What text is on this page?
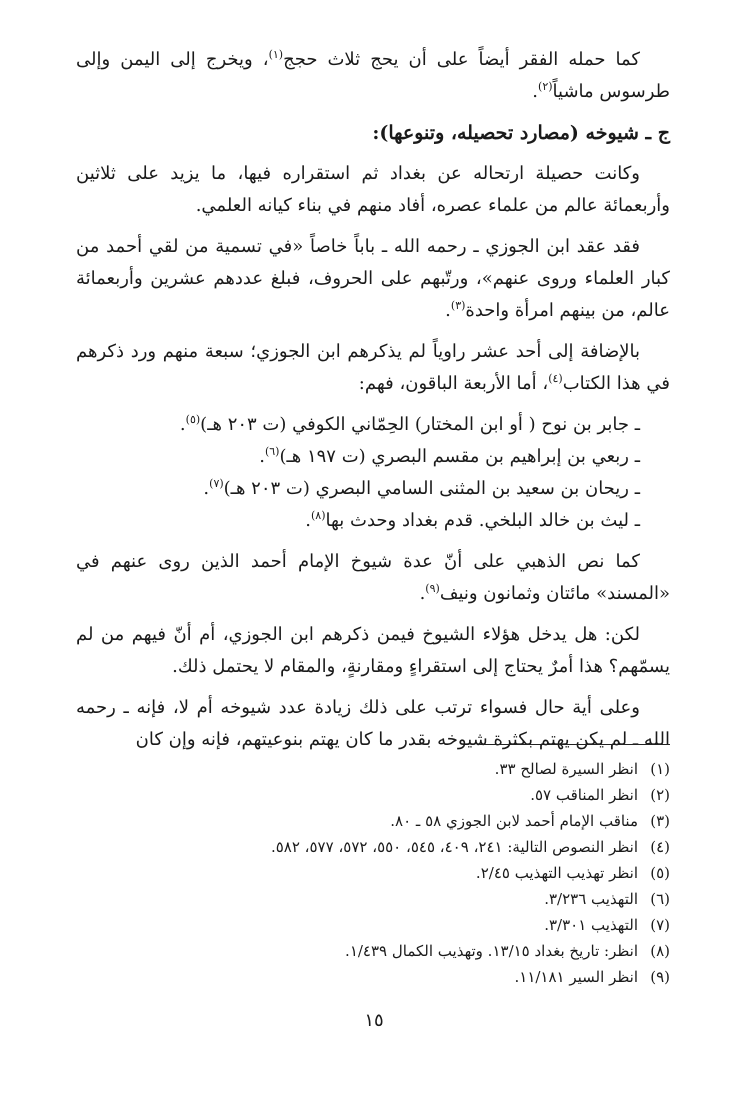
كما حمله الفقر أيضاً على أن يحج ثلاث حجج$^{(١)}$، ويخرج إلى اليمن وإلى طرسوس ماشياً$^{(٢)}$.

ج ـ شيوخه (مصارد تحصيله، وتنوعها):

وكانت حصيلة ارتحاله عن بغداد ثم استقراره فيها، ما يزيد على ثلاثين وأربعمائة عالم من علماء عصره، أفاد منهم في بناء كيانه العلمي.

فقد عقد ابن الجوزي ـ رحمه الله ـ باباً خاصاً «في تسمية من لقي أحمد من كبار العلماء وروى عنهم»، ورتّبهم على الحروف، فبلغ عددهم عشرين وأربعمائة عالم، من بينهم امرأة واحدة$^{(٣)}$.

بالإضافة إلى أحد عشر راوياً لم يذكرهم ابن الجوزي؛ سبعة منهم ورد ذكرهم في هذا الكتاب$^{(٤)}$، أما الأربعة الباقون، فهم:

ـ جابر بن نوح ( أو ابن المختار) الحِمّاني الكوفي (ت ٢٠٣ هـ)$^{(٥)}$.
ـ ربعي بن إبراهيم بن مقسم البصري (ت ١٩٧ هـ)$^{(٦)}$.
ـ ريحان بن سعيد بن المثنى السامي البصري (ت ٢٠٣ هـ)$^{(٧)}$.
ـ ليث بن خالد البلخي. قدم بغداد وحدث بها$^{(٨)}$.

كما نص الذهبي على أنّ عدة شيوخ الإمام أحمد الذين روى عنهم في «المسند» مائتان وثمانون ونيف$^{(٩)}$.

لكن: هل يدخل هؤلاء الشيوخ فيمن ذكرهم ابن الجوزي، أم أنّ فيهم من لم يسمّهم؟ هذا أمرٌ يحتاج إلى استقراءٍ ومقارنةٍ، والمقام لا يحتمل ذلك.

وعلى أية حال فسواء ترتب على ذلك زيادة عدد شيوخه أم لا، فإنه ـ رحمه الله ـ لم يكن يهتم بكثرة شيوخه بقدر ما كان يهتم بنوعيتهم، فإنه وإن كان

(١)
انظر السيرة لصالح ٣٣.
(٢)
انظر المناقب ٥٧.
(٣)
مناقب الإمام أحمد لابن الجوزي ٥٨ ـ ٨٠.
(٤)
انظر النصوص التالية: ٢٤١، ٤٠٩، ٥٤٥، ٥٥٠، ٥٧٢، ٥٧٧، ٥٨٢.
(٥)
انظر تهذيب التهذيب ٢/٤٥.
(٦)
التهذيب ٣/٢٣٦.
(٧)
التهذيب ٣/٣٠١.
(٨)
انظر: تاريخ بغداد ١٣/١٥. وتهذيب الكمال ١/٤٣٩.
(٩)
انظر السير ١١/١٨١.
١٥
